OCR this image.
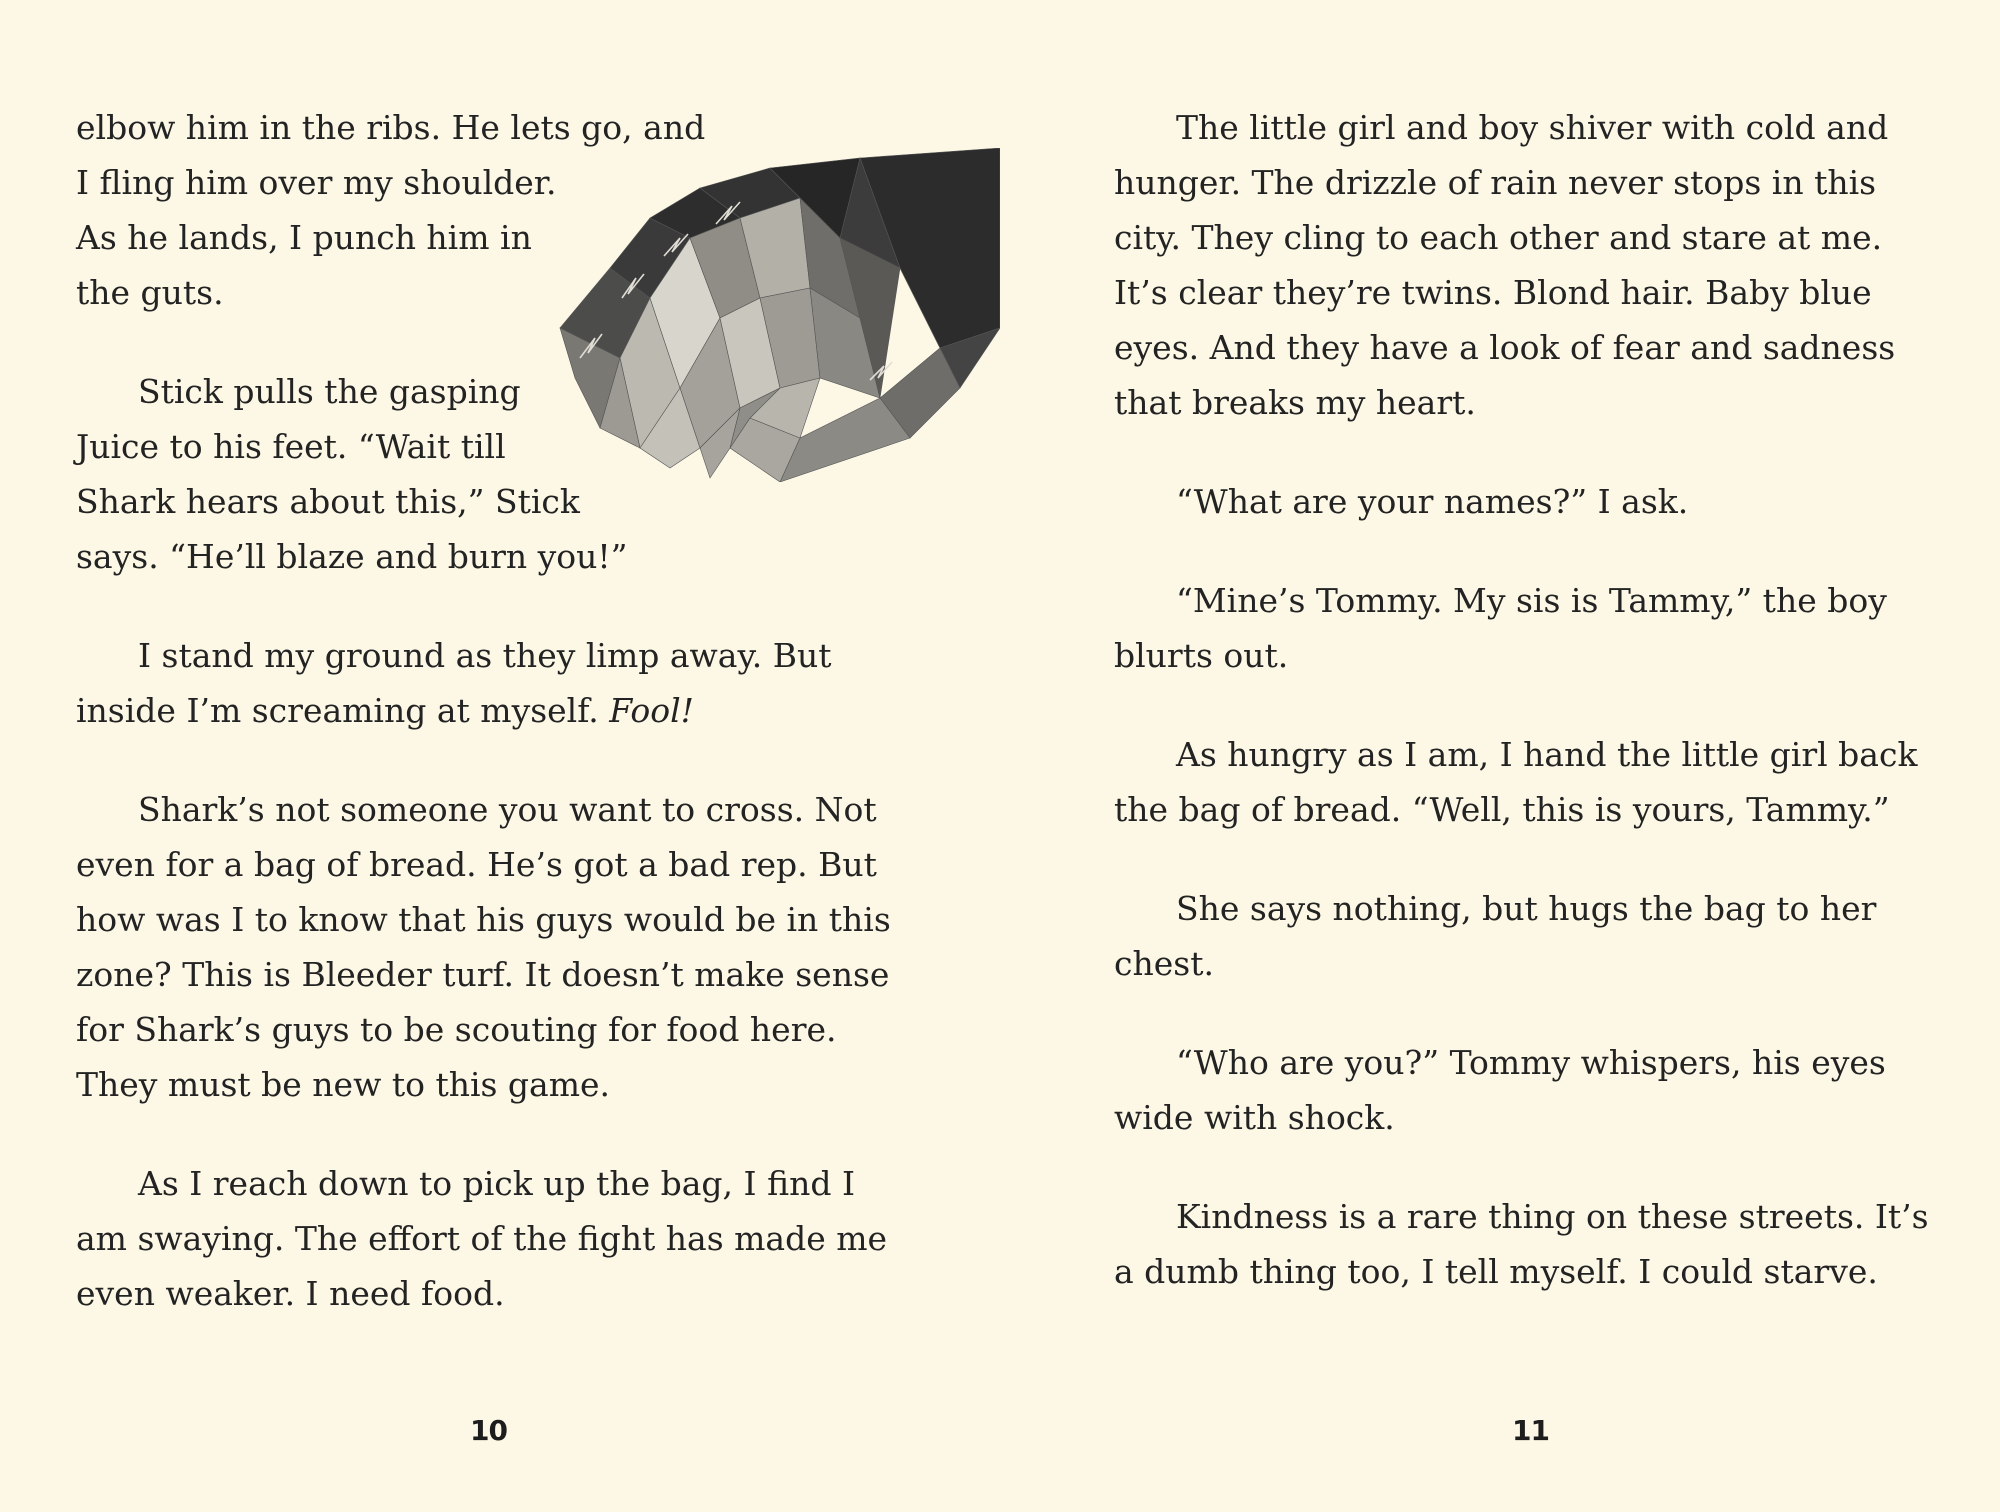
elbow him in the ribs. He lets go, and
I fling him over my shoulder.
As he lands, I punch him in
the guts.

Stick pulls the gasping
Juice to his feet. “Wait till
Shark hears about this,” Stick
says. “He’ll blaze and burn you!”

I stand my ground as they limp away. But inside I’m screaming at myself. Fool!

Shark’s not someone you want to cross. Not even for a bag of bread. He’s got a bad rep. But how was I to know that his guys would be in this zone? This is Bleeder turf. It doesn’t make sense for Shark’s guys to be scouting for food here. They must be new to this game.

As I reach down to pick up the bag, I find I am swaying. The effort of the fight has made me even weaker. I need food.

The little girl and boy shiver with cold and hunger. The drizzle of rain never stops in this city. They cling to each other and stare at me. It’s clear they’re twins. Blond hair. Baby blue eyes. And they have a look of fear and sadness that breaks my heart.

“What are your names?” I ask.

“Mine’s Tommy. My sis is Tammy,” the boy blurts out.

As hungry as I am, I hand the little girl back the bag of bread. “Well, this is yours, Tammy.”

She says nothing, but hugs the bag to her chest.

“Who are you?” Tommy whispers, his eyes wide with shock.

Kindness is a rare thing on these streets. It’s a dumb thing too, I tell myself. I could starve.

10	11
